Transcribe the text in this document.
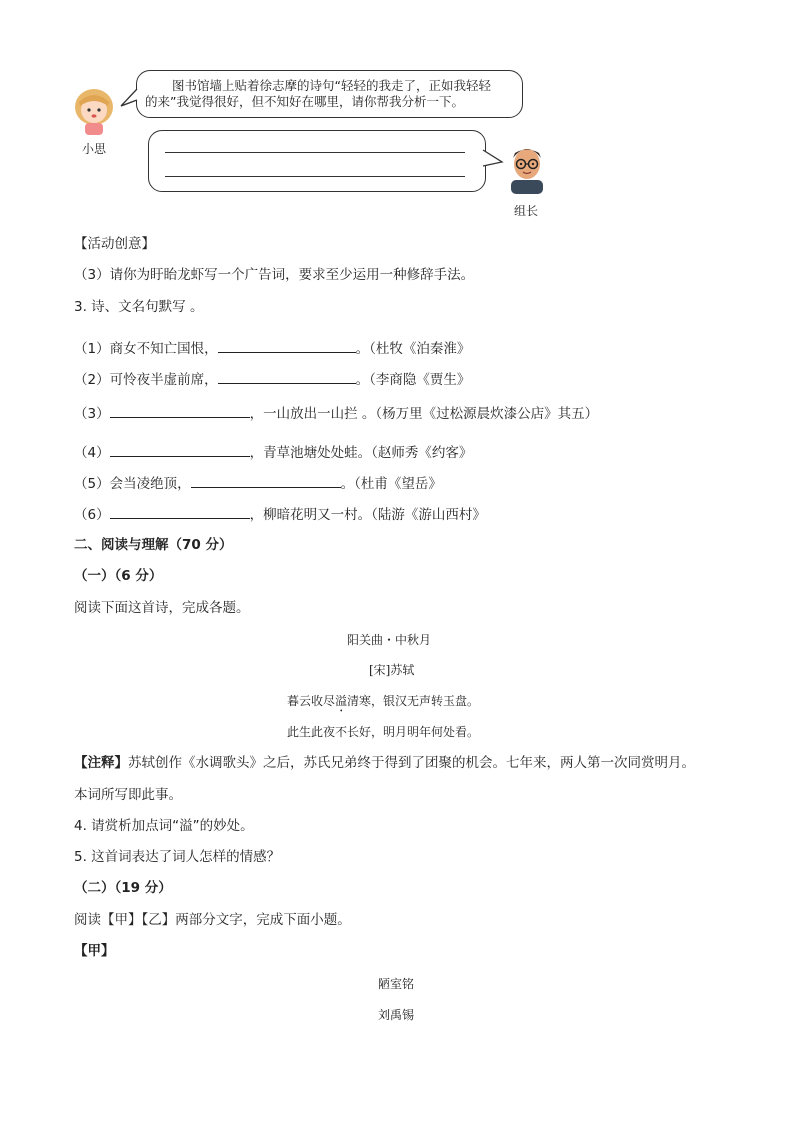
小思
图书馆墙上贴着徐志摩的诗句“轻轻的我走了，正如我轻轻
的来”我觉得很好，但不知好在哪里，请你帮我分析一下。
组长
【活动创意】
（3）请你为盱眙龙虾写一个广告词，要求至少运用一种修辞手法。
3. 诗、文名句默写 。
（1）商女不知亡国恨，	。（杜牧《泊秦淮》
（2）可怜夜半虚前席，	。（李商隐《贾生》
（3）	，一山放出一山拦 。（杨万里《过松源晨炊漆公店》其五）
（4）	，青草池塘处处蛙。（赵师秀《约客》
（5）会当凌绝顶，	。（杜甫《望岳》
（6）	，柳暗花明又一村。（陆游《游山西村》
二、阅读与理解（70 分）
（一）（6 分）
阅读下面这首诗，完成各题。
阳关曲・中秋月
[宋]苏轼
暮云收尽溢清寒，银汉无声转玉盘。
此生此夜不长好，明月明年何处看。
【注释】苏轼创作《水调歌头》之后，苏氏兄弟终于得到了团聚的机会。七年来，两人第一次同赏明月。
本词所写即此事。
4. 请赏析加点词“溢”的妙处。
5. 这首词表达了词人怎样的情感？
（二）（19 分）
阅读【甲】【乙】两部分文字，完成下面小题。
【甲】
陋室铭
刘禹锡
